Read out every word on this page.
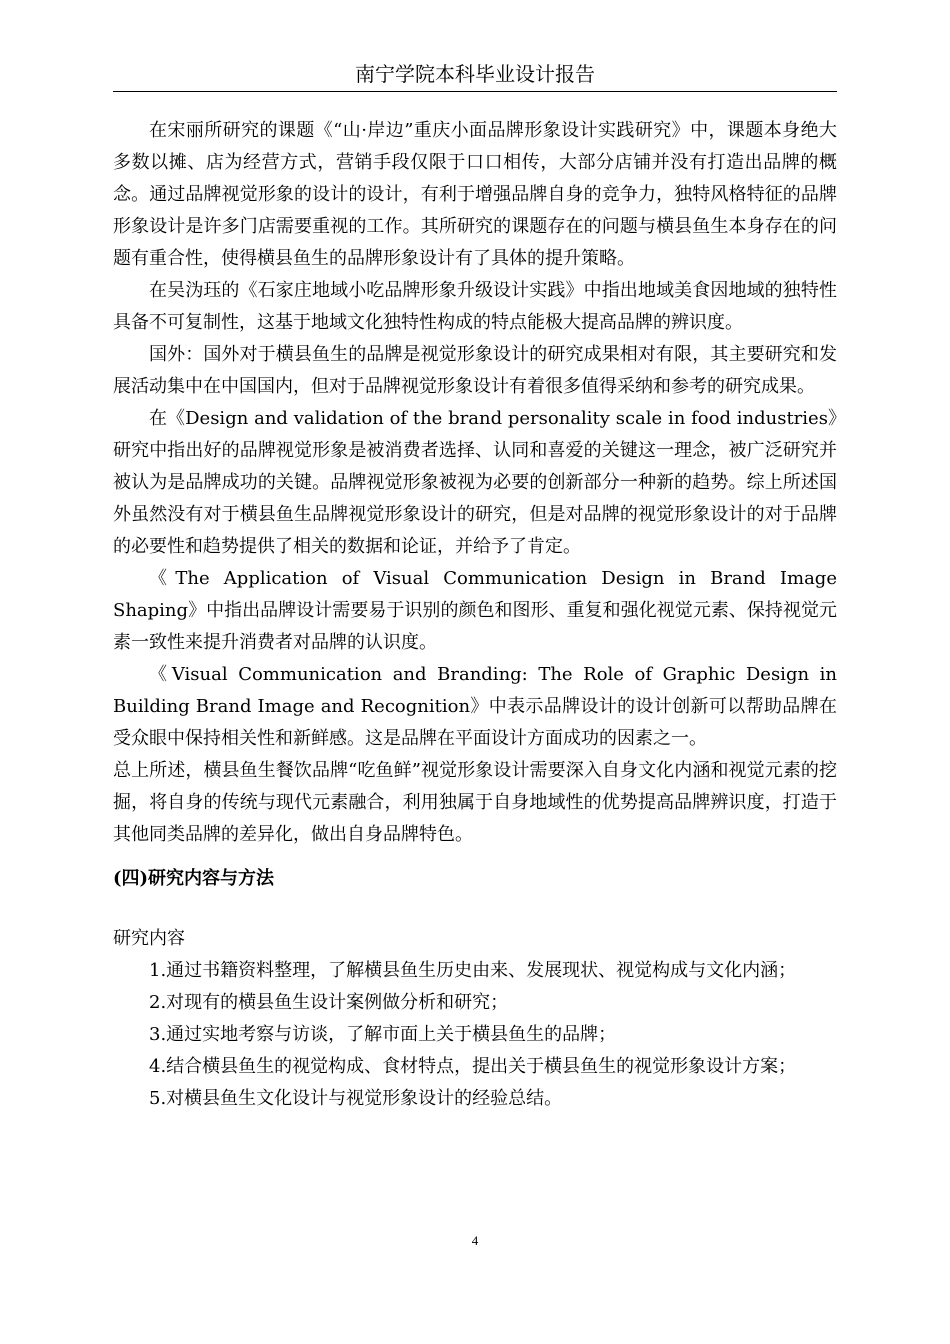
南宁学院本科毕业设计报告

在宋丽所研究的课题《“山·岸边”重庆小面品牌形象设计实践研究》中，课题本身绝大多数以摊、店为经营方式，营销手段仅限于口口相传，大部分店铺并没有打造出品牌的概念。通过品牌视觉形象的设计的设计，有利于增强品牌自身的竞争力，独特风格特征的品牌形象设计是许多门店需要重视的工作。其所研究的课题存在的问题与横县鱼生本身存在的问题有重合性，使得横县鱼生的品牌形象设计有了具体的提升策略。

在吴沩珏的《石家庄地域小吃品牌形象升级设计实践》中指出地域美食因地域的独特性具备不可复制性，这基于地域文化独特性构成的特点能极大提高品牌的辨识度。

国外：国外对于横县鱼生的品牌是视觉形象设计的研究成果相对有限，其主要研究和发展活动集中在中国国内，但对于品牌视觉形象设计有着很多值得采纳和参考的研究成果。

在《Design and validation of the brand personality scale in food industries》研究中指出好的品牌视觉形象是被消费者选择、认同和喜爱的关键这一理念，被广泛研究并被认为是品牌成功的关键。品牌视觉形象被视为必要的创新部分一种新的趋势。综上所述国外虽然没有对于横县鱼生品牌视觉形象设计的研究，但是对品牌的视觉形象设计的对于品牌的必要性和趋势提供了相关的数据和论证，并给予了肯定。

《The Application of Visual Communication Design in Brand Image Shaping》中指出品牌设计需要易于识别的颜色和图形、重复和强化视觉元素、保持视觉元素一致性来提升消费者对品牌的认识度。

《Visual Communication and Branding: The Role of Graphic Design in Building Brand Image and Recognition》中表示品牌设计的设计创新可以帮助品牌在受众眼中保持相关性和新鲜感。这是品牌在平面设计方面成功的因素之一。

总上所述，横县鱼生餐饮品牌“吃鱼鲜”视觉形象设计需要深入自身文化内涵和视觉元素的挖掘，将自身的传统与现代元素融合，利用独属于自身地域性的优势提高品牌辨识度，打造于其他同类品牌的差异化，做出自身品牌特色。

(四)研究内容与方法

研究内容

1.通过书籍资料整理，了解横县鱼生历史由来、发展现状、视觉构成与文化内涵；
2.对现有的横县鱼生设计案例做分析和研究；
3.通过实地考察与访谈，了解市面上关于横县鱼生的品牌；
4.结合横县鱼生的视觉构成、食材特点，提出关于横县鱼生的视觉形象设计方案；
5.对横县鱼生文化设计与视觉形象设计的经验总结。
4
